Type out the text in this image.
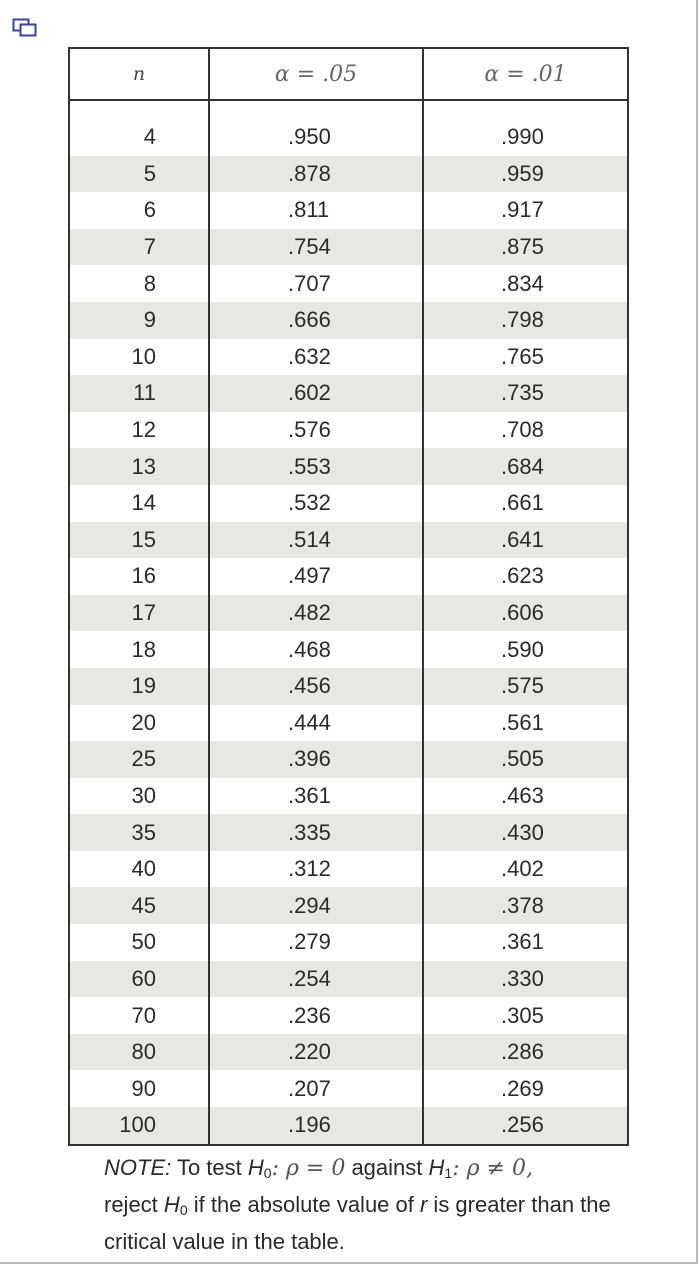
n	α = .05	α = .01

4	.950	.990
5	.878	.959
6	.811	.917
7	.754	.875
8	.707	.834
9	.666	.798
10	.632	.765
11	.602	.735
12	.576	.708
13	.553	.684
14	.532	.661
15	.514	.641
16	.497	.623
17	.482	.606
18	.468	.590
19	.456	.575
20	.444	.561
25	.396	.505
30	.361	.463
35	.335	.430
40	.312	.402
45	.294	.378
50	.279	.361
60	.254	.330
70	.236	.305
80	.220	.286
90	.207	.269
100	.196	.256
NOTE: To test $H_0$: ρ = 0 against $H_1$: ρ ≠ 0,
reject $H_0$ if the absolute value of r is greater than the critical value in the table.
